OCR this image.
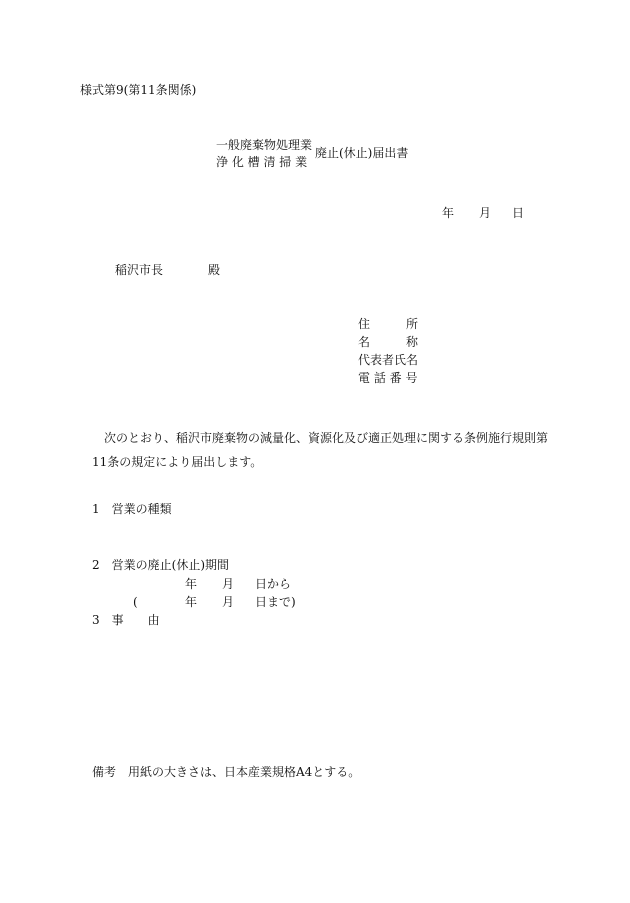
様式第9(第11条関係)
一般廃棄物処理業
浄 化 槽 清 掃 業
廃止(休止)届出書
年 月 日
稲沢市長	殿
住　　　所
名　　　称
代表者氏名
電 話 番 号
次のとおり、稲沢市廃棄物の減量化、資源化及び適正処理に関する条例施行規則第11条の規定により届出します。
1　営業の種類
2　営業の廃止(休止)期間
年 月 日から
(	年 月 日まで)
3　事　　由
備考　用紙の大きさは、日本産業規格A4とする。
